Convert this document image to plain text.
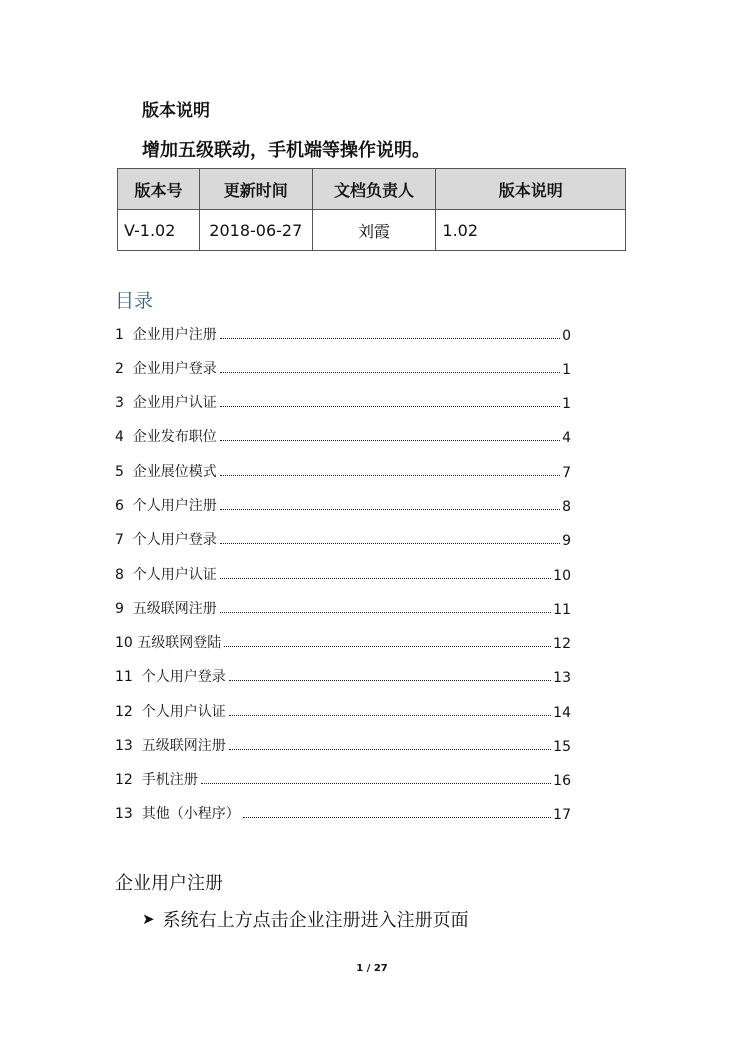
版本说明
增加五级联动，手机端等操作说明。
版本号	更新时间	文档负责人	版本说明
V-1.02	2018-06-27	刘霞	1.02
目录
1  企业用户注册	0
2  企业用户登录	1
3  企业用户认证	1
4  企业发布职位	4
5  企业展位模式	7
6  个人用户注册	8
7  个人用户登录	9
8  个人用户认证	10
9  五级联网注册	11
10 五级联网登陆	12
11  个人用户登录	13
12  个人用户认证	14
13  五级联网注册	15
12  手机注册	16
13  其他（小程序）	17
企业用户注册
➤ 系统右上方点击企业注册进入注册页面
1 / 27
